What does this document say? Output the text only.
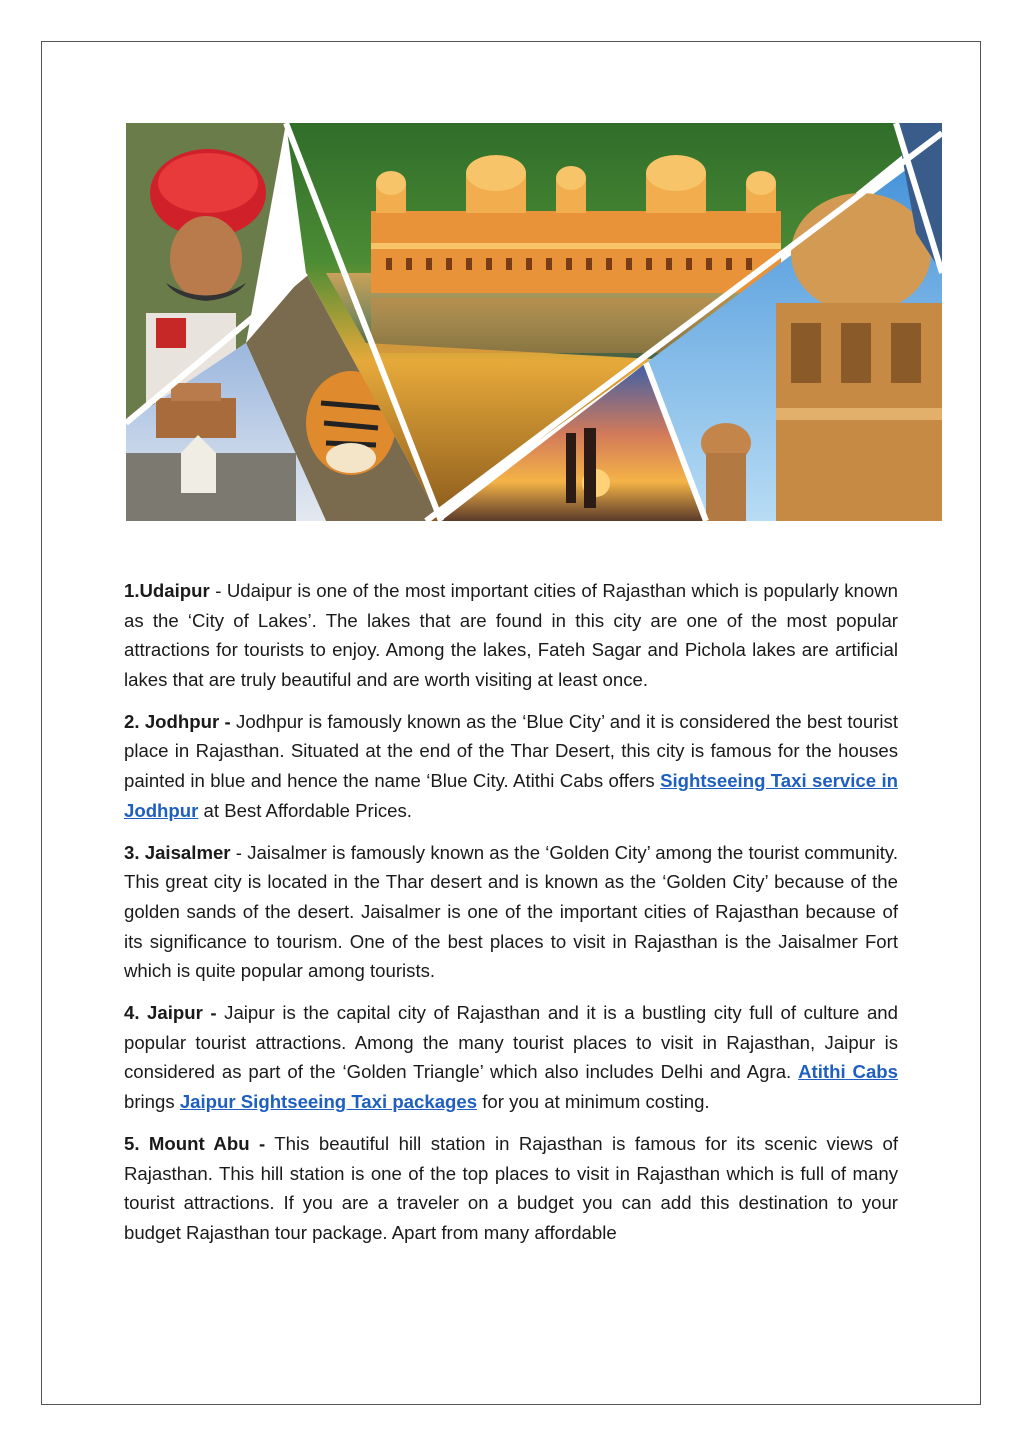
1.Udaipur - Udaipur is one of the most important cities of Rajasthan which is popularly known as the ‘City of Lakes’. The lakes that are found in this city are one of the most popular attractions for tourists to enjoy. Among the lakes, Fateh Sagar and Pichola lakes are artificial lakes that are truly beautiful and are worth visiting at least once.

2. Jodhpur - Jodhpur is famously known as the ‘Blue City’ and it is considered the best tourist place in Rajasthan. Situated at the end of the Thar Desert, this city is famous for the houses painted in blue and hence the name ‘Blue City. Atithi Cabs offers Sightseeing Taxi service in Jodhpur at Best Affordable Prices.

3. Jaisalmer - Jaisalmer is famously known as the ‘Golden City’ among the tourist community. This great city is located in the Thar desert and is known as the ‘Golden City’ because of the golden sands of the desert. Jaisalmer is one of the important cities of Rajasthan because of its significance to tourism. One of the best places to visit in Rajasthan is the Jaisalmer Fort which is quite popular among tourists.

4. Jaipur - Jaipur is the capital city of Rajasthan and it is a bustling city full of culture and popular tourist attractions. Among the many tourist places to visit in Rajasthan, Jaipur is considered as part of the ‘Golden Triangle’ which also includes Delhi and Agra. Atithi Cabs brings Jaipur Sightseeing Taxi packages for you at minimum costing.

5. Mount Abu - This beautiful hill station in Rajasthan is famous for its scenic views of Rajasthan. This hill station is one of the top places to visit in Rajasthan which is full of many tourist attractions. If you are a traveler on a budget you can add this destination to your budget Rajasthan tour package. Apart from many affordable
